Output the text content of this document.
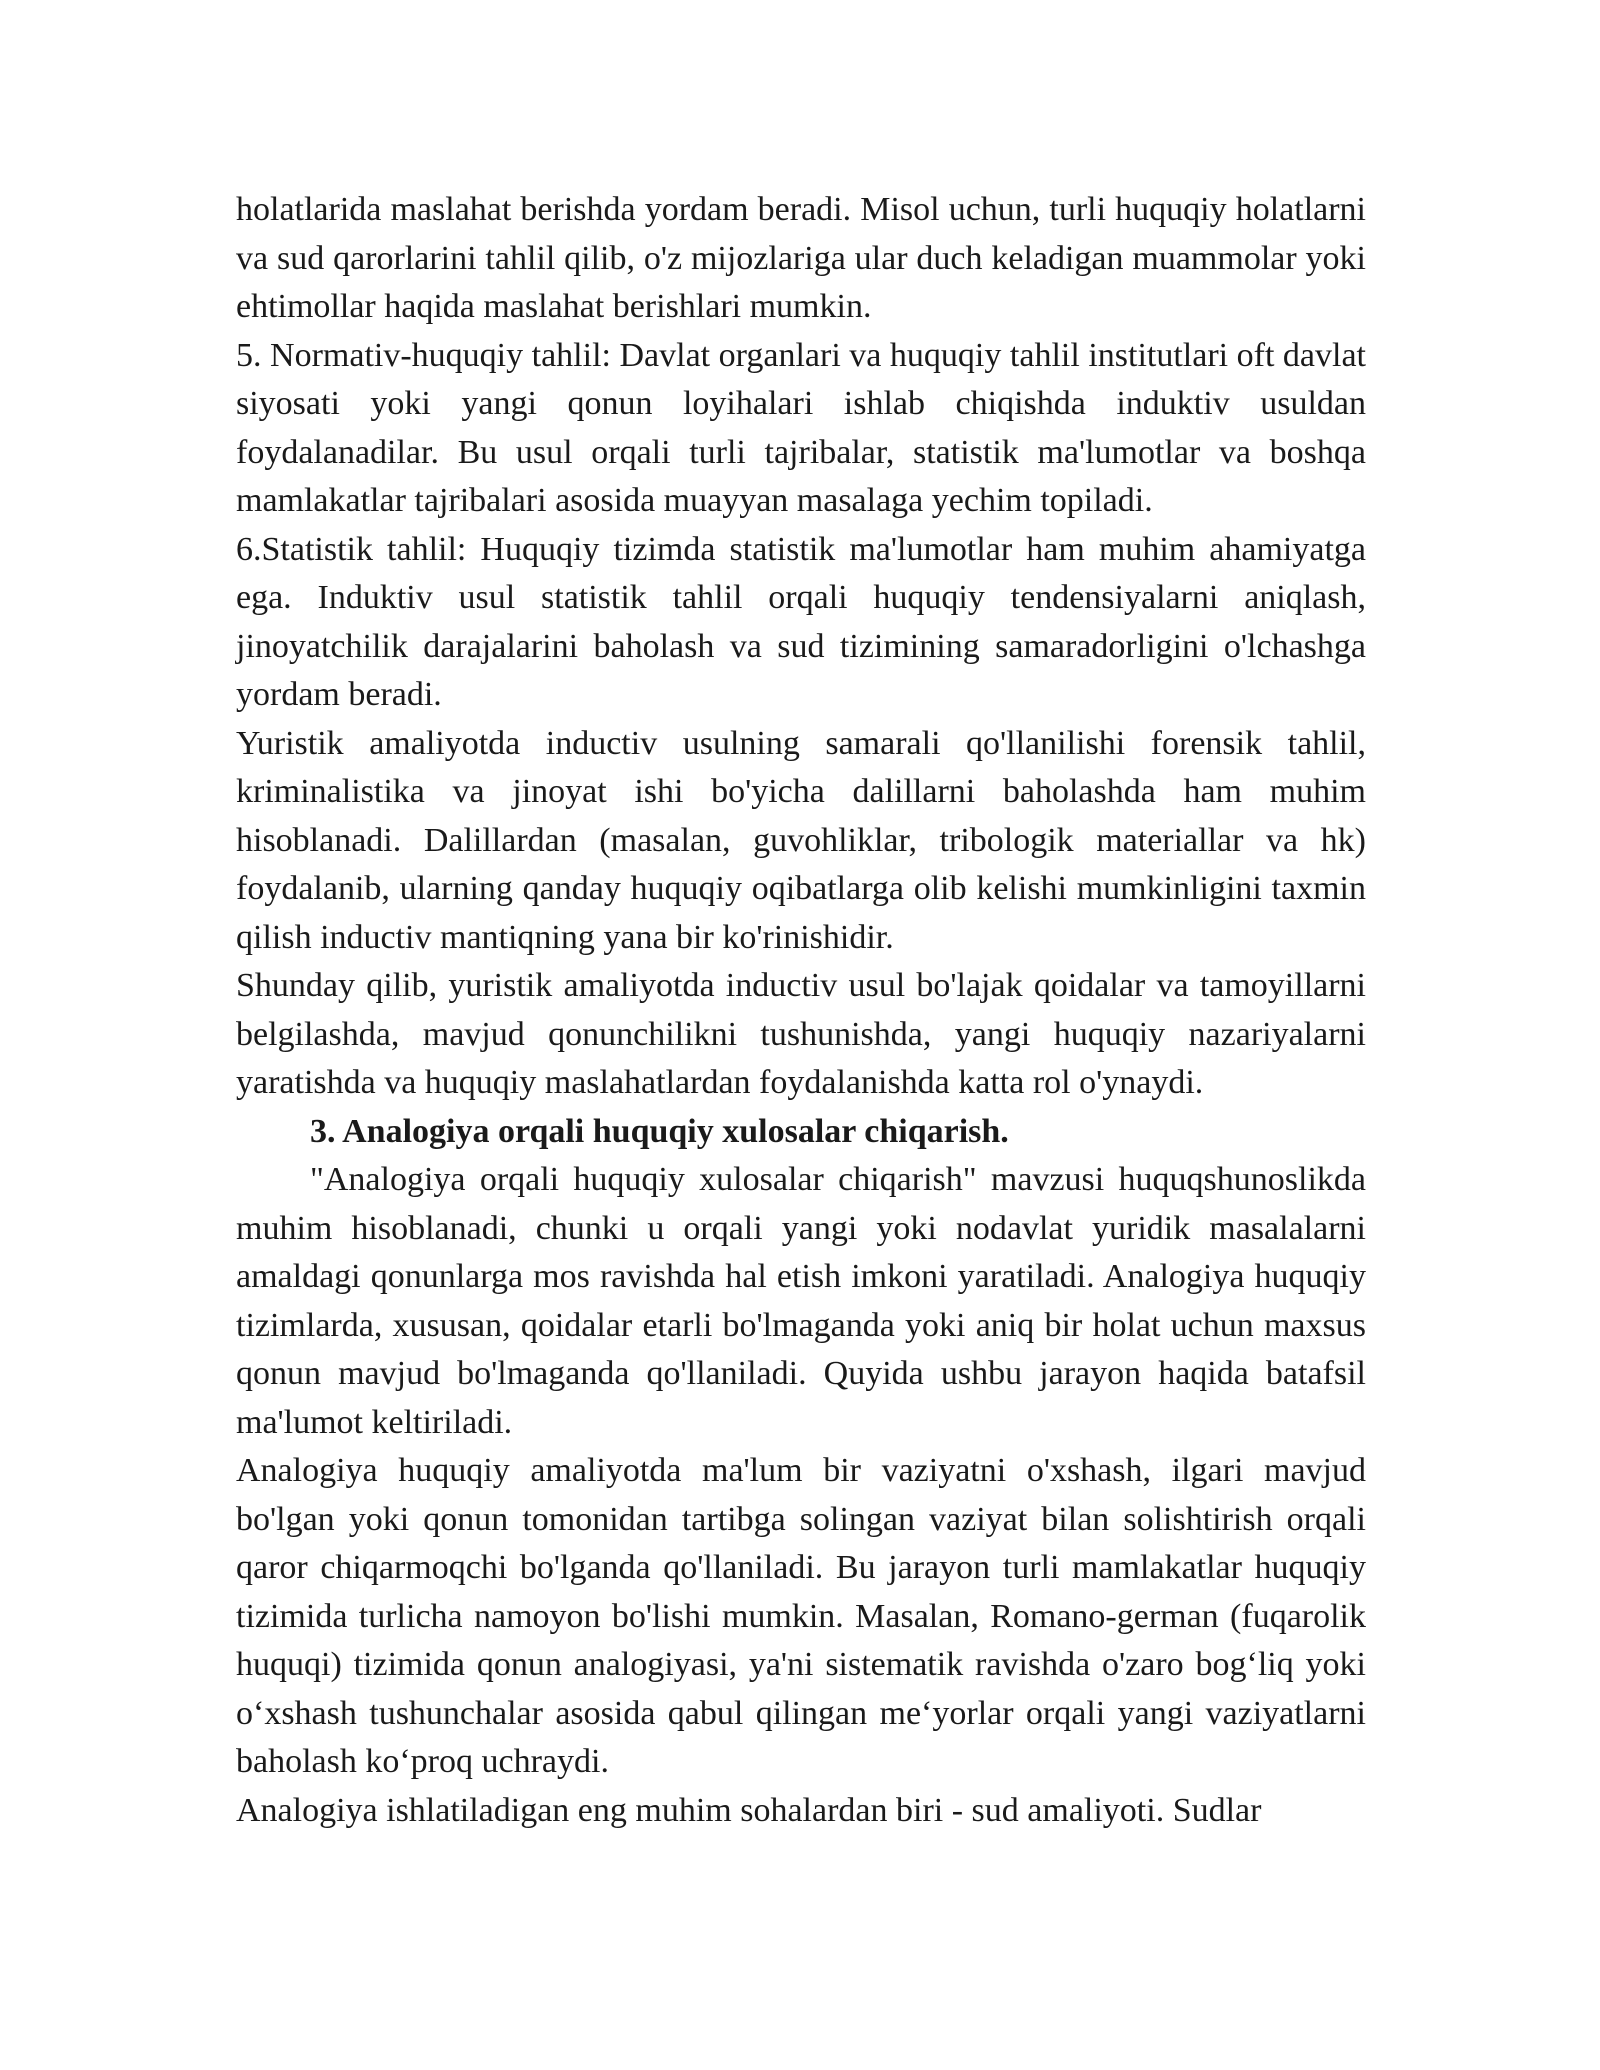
holatlarida maslahat berishda yordam beradi. Misol uchun, turli huquqiy holatlarni va sud qarorlarini tahlil qilib, o'z mijozlariga ular duch keladigan muammolar yoki ehtimollar haqida maslahat berishlari mumkin.

5. Normativ-huquqiy tahlil: Davlat organlari va huquqiy tahlil institutlari oft davlat siyosati yoki yangi qonun loyihalari ishlab chiqishda induktiv usuldan foydalanadilar. Bu usul orqali turli tajribalar, statistik ma'lumotlar va boshqa mamlakatlar tajribalari asosida muayyan masalaga yechim topiladi.

6.Statistik tahlil: Huquqiy tizimda statistik ma'lumotlar ham muhim ahamiyatga ega. Induktiv usul statistik tahlil orqali huquqiy tendensiyalarni aniqlash, jinoyatchilik darajalarini baholash va sud tizimining samaradorligini o'lchashga yordam beradi.

Yuristik amaliyotda inductiv usulning samarali qo'llanilishi forensik tahlil, kriminalistika va jinoyat ishi bo'yicha dalillarni baholashda ham muhim hisoblanadi. Dalillardan (masalan, guvohliklar, tribologik materiallar va hk) foydalanib, ularning qanday huquqiy oqibatlarga olib kelishi mumkinligini taxmin qilish inductiv mantiqning yana bir ko'rinishidir.

Shunday qilib, yuristik amaliyotda inductiv usul bo'lajak qoidalar va tamoyillarni belgilashda, mavjud qonunchilikni tushunishda, yangi huquqiy nazariyalarni yaratishda va huquqiy maslahatlardan foydalanishda katta rol o'ynaydi.

3. Analogiya orqali huquqiy xulosalar chiqarish.

"Analogiya orqali huquqiy xulosalar chiqarish" mavzusi huquqshunoslikda muhim hisoblanadi, chunki u orqali yangi yoki nodavlat yuridik masalalarni amaldagi qonunlarga mos ravishda hal etish imkoni yaratiladi. Analogiya huquqiy tizimlarda, xususan, qoidalar etarli bo'lmaganda yoki aniq bir holat uchun maxsus qonun mavjud bo'lmaganda qo'llaniladi. Quyida ushbu jarayon haqida batafsil ma'lumot keltiriladi.

Analogiya huquqiy amaliyotda ma'lum bir vaziyatni o'xshash, ilgari mavjud bo'lgan yoki qonun tomonidan tartibga solingan vaziyat bilan solishtirish orqali qaror chiqarmoqchi bo'lganda qo'llaniladi. Bu jarayon turli mamlakatlar huquqiy tizimida turlicha namoyon bo'lishi mumkin. Masalan, Romano-german (fuqarolik huquqi) tizimida qonun analogiyasi, ya'ni sistematik ravishda o'zaro bog‘liq yoki o‘xshash tushunchalar asosida qabul qilingan me‘yorlar orqali yangi vaziyatlarni baholash ko‘proq uchraydi.

Analogiya ishlatiladigan eng muhim sohalardan biri - sud amaliyoti. Sudlar
